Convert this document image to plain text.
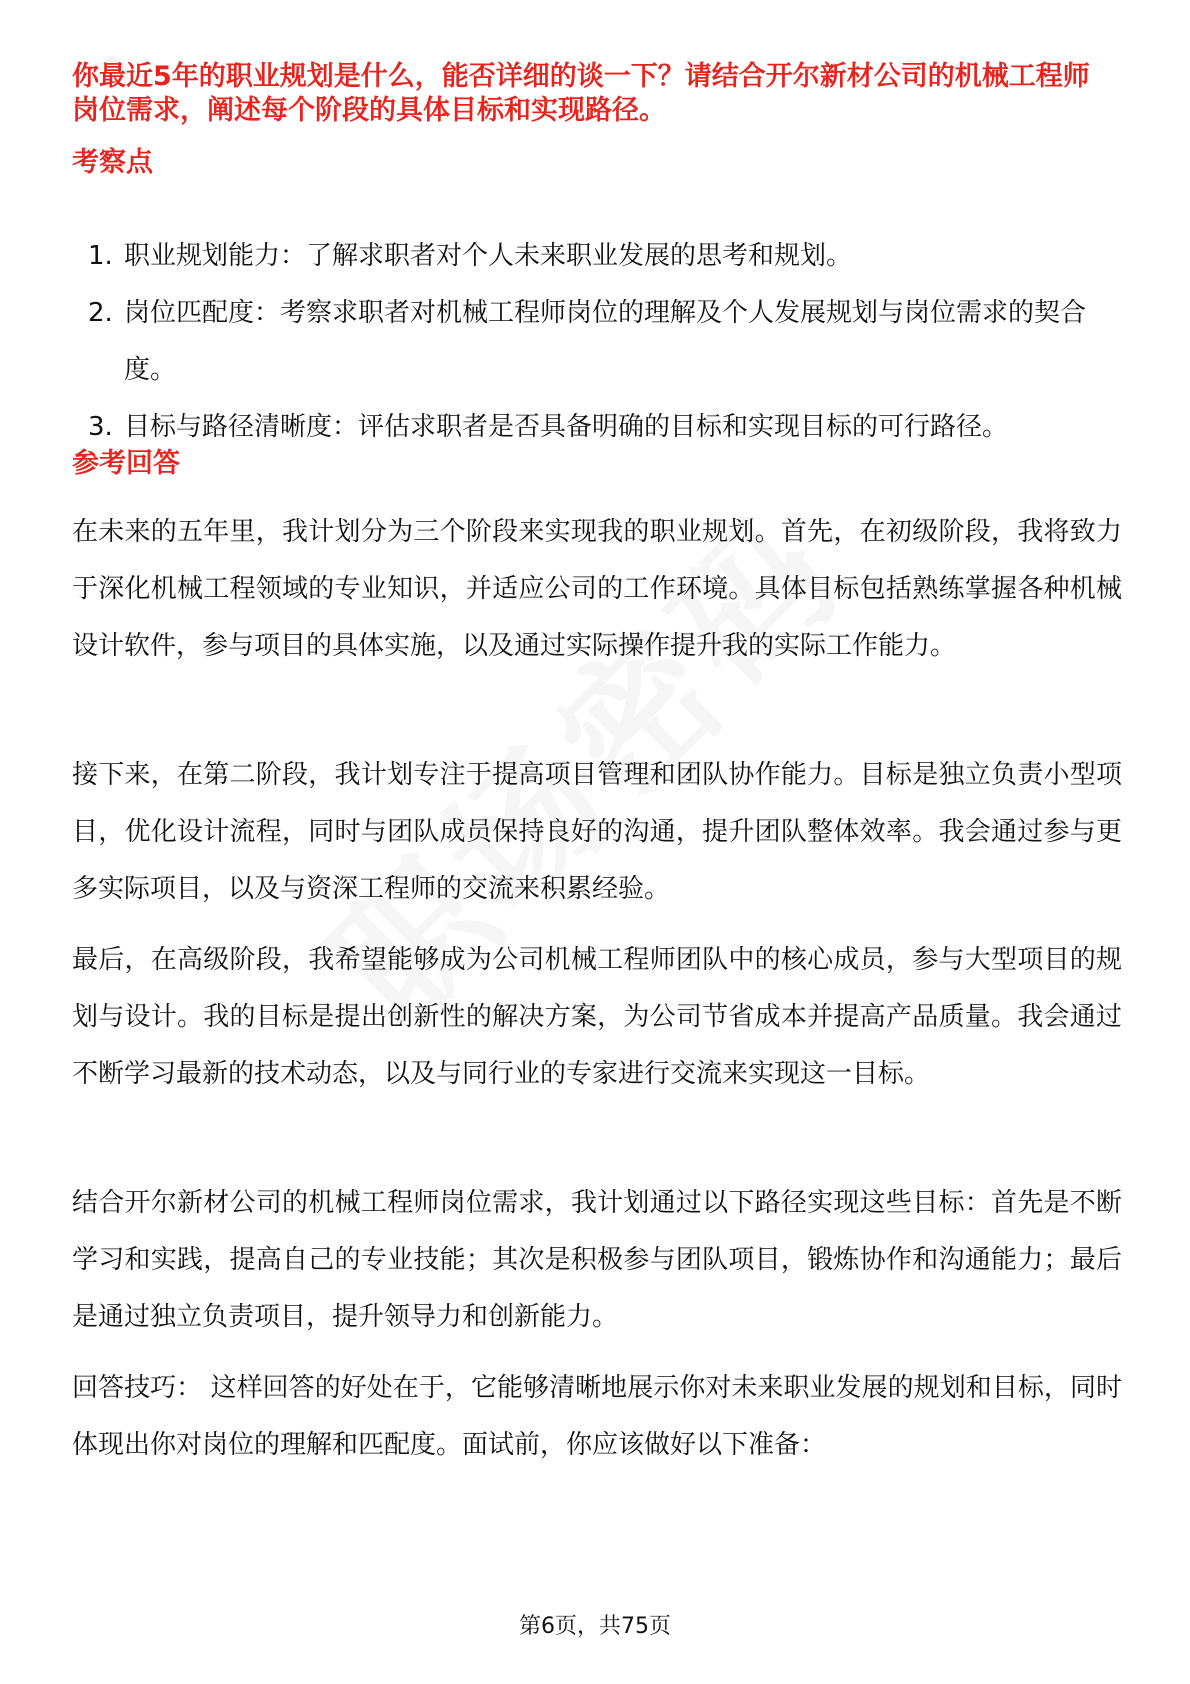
你最近5年的职业规划是什么，能否详细的谈一下？请结合开尔新材公司的机械工程师岗位需求，阐述每个阶段的具体目标和实现路径。

考察点

1. 职业规划能力：了解求职者对个人未来职业发展的思考和规划。
2. 岗位匹配度：考察求职者对机械工程师岗位的理解及个人发展规划与岗位需求的契合度。
3. 目标与路径清晰度：评估求职者是否具备明确的目标和实现目标的可行路径。

参考回答

在未来的五年里，我计划分为三个阶段来实现我的职业规划。首先，在初级阶段，我将致力于深化机械工程领域的专业知识，并适应公司的工作环境。具体目标包括熟练掌握各种机械设计软件，参与项目的具体实施，以及通过实际操作提升我的实际工作能力。

接下来，在第二阶段，我计划专注于提高项目管理和团队协作能力。目标是独立负责小型项目，优化设计流程，同时与团队成员保持良好的沟通，提升团队整体效率。我会通过参与更多实际项目，以及与资深工程师的交流来积累经验。

最后，在高级阶段，我希望能够成为公司机械工程师团队中的核心成员，参与大型项目的规划与设计。我的目标是提出创新性的解决方案，为公司节省成本并提高产品质量。我会通过不断学习最新的技术动态，以及与同行业的专家进行交流来实现这一目标。

结合开尔新材公司的机械工程师岗位需求，我计划通过以下路径实现这些目标：首先是不断学习和实践，提高自己的专业技能；其次是积极参与团队项目，锻炼协作和沟通能力；最后是通过独立负责项目，提升领导力和创新能力。

回答技巧： 这样回答的好处在于，它能够清晰地展示你对未来职业发展的规划和目标，同时体现出你对岗位的理解和匹配度。面试前，你应该做好以下准备：

第6页，共75页
